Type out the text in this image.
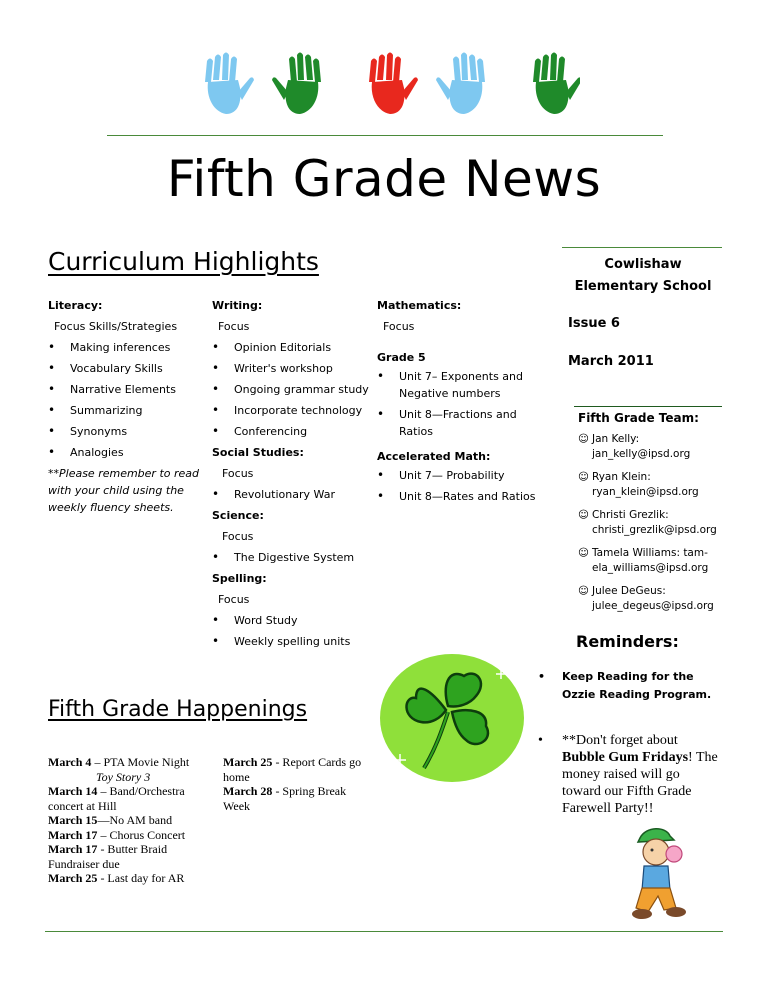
Fifth Grade News
Curriculum Highlights
Literacy:
Focus Skills/Strategies
• Making inferences
• Vocabulary Skills
• Narrative Elements
• Summarizing
• Synonyms
• Analogies
**Please remember to read with your child using the weekly fluency sheets.
Writing:
Focus
• Opinion Editorials
• Writer's workshop
• Ongoing grammar study
• Incorporate technology
• Conferencing
Social Studies:
Focus
• Revolutionary War
Science:
Focus
• The Digestive System
Spelling:
Focus
• Word Study
• Weekly spelling units
Mathematics:
Focus
Grade 5
• Unit 7– Exponents and Negative numbers
• Unit 8—Fractions and Ratios
Accelerated Math:
• Unit 7— Probability
• Unit 8—Rates and Ratios
Cowlishaw Elementary School
Issue 6
March 2011
Fifth Grade Team:
☺ Jan Kelly:
jan_kelly@ipsd.org
☺ Ryan Klein:
ryan_klein@ipsd.org
☺ Christi Grezlik:
christi_grezlik@ipsd.org
☺ Tamela Williams: tam-
ela_williams@ipsd.org
☺ Julee DeGeus:
julee_degeus@ipsd.org
Reminders:
• Keep Reading for the Ozzie Reading Program.
• **Don't forget about Bubble Gum Fridays! The money raised will go toward our Fifth Grade Farewell Party!!
Fifth Grade Happenings
March 4 – PTA Movie Night
Toy Story 3
March 14 – Band/Orchestra concert at Hill
March 15—No AM band
March 17 – Chorus Concert
March 17 - Butter Braid Fundraiser due
March 25 - Last day for AR
March 25 - Report Cards go home
March 28 - Spring Break Week
